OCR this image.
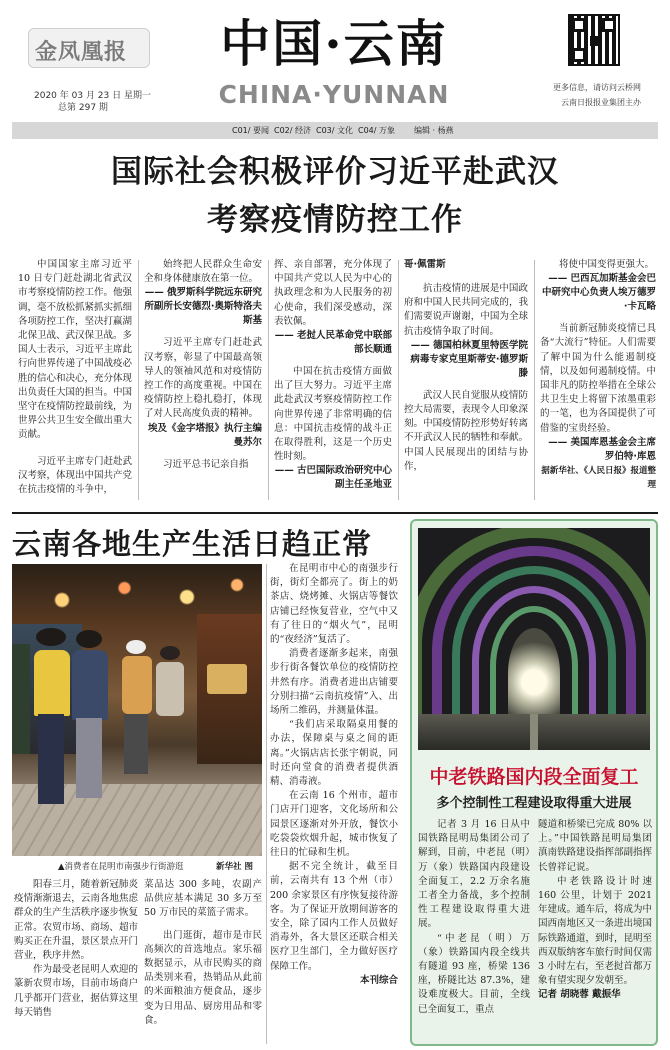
金凤凰报
2020 年 03 月 23 日 星期一
总第 297 期
中国·云南
CHINA·YUNNAN	更多信息，请访问云桥网
云南日报报业集团主办
C01/ 要闻 C02/ 经济 C03/ 文化 C04/ 万象 编辑 · 杨燕
国际社会积极评价习近平赴武汉
考察疫情防控工作

中国国家主席习近平 10 日专门赶赴湖北省武汉市考察疫情防控工作。他强调，毫不放松抓紧抓实抓细各项防控工作，坚决打赢湖北保卫战、武汉保卫战。多国人士表示，习近平主席此行向世界传递了中国战疫必胜的信心和决心，充分体现出负责任大国的担当。中国坚守在疫情防控最前线，为世界公共卫生安全做出重大贡献。

习近平主席专门赶赴武汉考察，体现出中国共产党在抗击疫情的斗争中，

始终把人民群众生命安全和身体健康放在第一位。

—— 俄罗斯科学院远东研究所副所长安德烈·奥斯特洛夫斯基

习近平主席专门赶赴武汉考察，彰显了中国最高领导人的领袖风范和对疫情防控工作的高度重视。中国在疫情防控上稳扎稳打，体现了对人民高度负责的精神。

埃及《金字塔报》执行主编曼苏尔

习近平总书记亲自指

挥、亲自部署，充分体现了中国共产党以人民为中心的执政理念和为人民服务的初心使命，我们深受感动，深表钦佩。

—— 老挝人民革命党中联部部长顺通

中国在抗击疫情方面做出了巨大努力。习近平主席此赴武汉考察疫情防控工作向世界传递了非常明确的信息：中国抗击疫情的战斗正在取得胜利，这是一个历史性时刻。

—— 古巴国际政治研究中心副主任圣地亚

哥·佩雷斯

抗击疫情的进展是中国政府和中国人民共同完成的，我们需要说声谢谢，中国为全球抗击疫情争取了时间。

—— 德国柏林夏里特医学院病毒专家克里斯蒂安·德罗斯滕

武汉人民自觉服从疫情防控大局需要，表现令人印象深刻。中国疫情防控形势好转离不开武汉人民的牺牲和奉献。中国人民展现出的团结与协作，

将使中国变得更强大。

—— 巴西瓦加斯基金会巴中研究中心负责人埃万德罗·卡瓦略

当前新冠肺炎疫情已具备“大流行”特征。人们需要了解中国为什么能遏制疫情，以及如何遏制疫情。中国非凡的防控举措在全球公共卫生史上将留下浓墨重彩的一笔，也为各国提供了可借鉴的宝贵经验。

—— 美国库恩基金会主席罗伯特·库恩

据新华社、《人民日报》报道整理

云南各地生产生活日趋正常
▲消费者在昆明市南强步行街游逛	新华社 图

阳春三月，随着新冠肺炎疫情渐渐退去，云南各地焦虑群众的生产生活秩序逐步恢复正常。农贸市场、商场、超市购买正在升温，景区景点开门营业，秩序井然。

作为最受老昆明人欢迎的篆新农贸市场，目前市场商户几乎都开门营业，据估算这里每天销售

菜品达 300 多吨，农副产品供应基本满足 30 多万至 50 万市民的菜篮子需求。

出门逛街，超市是市民高频次的首选地点。家乐福数据显示，从市民购买的商品类别来看，热销品从此前的米面粮油方便食品，逐步变为日用品、厨房用品和零食。

在昆明市中心的南强步行街，街灯全都亮了。街上的奶茶店、烧烤摊、火锅店等餐饮店铺已经恢复营业，空气中又有了往日的“烟火气”，昆明的“夜经济”复活了。

消费者逐渐多起来，南强步行街各餐饮单位的疫情防控井然有序。消费者进出店铺要分别扫描“云南抗疫情”入、出场所二维码，并测量体温。

“我们店采取隔桌用餐的办法，保障桌与桌之间的距离。”火锅店店长张宇朝说，同时还向堂食的消费者提供酒精、消毒液。

在云南 16 个州市，超市门店开门迎客，文化场所和公园景区逐渐对外开放，餐饮小吃袋袋炊烟升起，城市恢复了往日的忙碌和生机。

据不完全统计，截至目前，云南共有 13 个州（市）200 余家景区有序恢复接待游客。为了保证开放期间游客的安全，除了园内工作人员做好消毒外，各大景区还联合相关医疗卫生部门，全力做好医疗保障工作。

本刊综合

中老铁路国内段全面复工
多个控制性工程建设取得重大进展

记者 3 月 16 日从中国铁路昆明局集团公司了解到，目前，中老昆（明）万（象）铁路国内段建设全面复工，2.2 万余名施工者全力备战，多个控制性工程建设取得重大进展。

“中老昆（明）万（象）铁路国内段全线共有隧道 93 座，桥梁 136 座，桥隧比达 87.3%，建设难度极大。目前，全线已全面复工，重点

隧道和桥梁已完成 80% 以上。”中国铁路昆明局集团滇南铁路建设指挥部副指挥长曾祥记说。

中老铁路设计时速 160 公里，计划于 2021 年建成。通车后，将成为中国西南地区又一条进出境国际铁路通道，到时，昆明至西双版纳客车旅行时间仅需 3 小时左右，至老挝首都万象有望实现夕发朝至。

记者 胡晓蓉 戴振华
